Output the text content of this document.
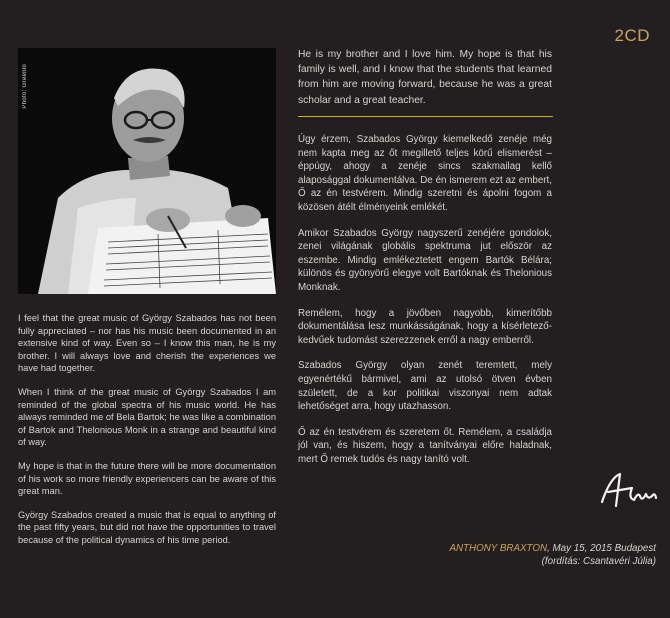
2CD
Photo: Greenlo

I feel that the great music of György Szabados has not been fully appreciated – nor has his music been documented in an extensive kind of way. Even so – I know this man, he is my brother. I will always love and cherish the experiences we have had together.

When I think of the great music of György Szabados I am reminded of the global spectra of his music world. He has always reminded me of Bela Bartok; he was like a combination of Bartok and Thelonious Monk in a strange and beautiful kind of way.

My hope is that in the future there will be more documentation of his work so more friendly experiencers can be aware of this great man.

György Szabados created a music that is equal to anything of the past fifty years, but did not have the opportunities to travel because of the political dynamics of his time period.

He is my brother and I love him. My hope is that his family is well, and I know that the students that learned from him are moving forward, because he was a great scholar and a great teacher.

Úgy érzem, Szabados György kiemelkedő zenéje még nem kapta meg az őt megillető teljes körű elismerést – éppúgy, ahogy a zenéje sincs szakmailag kellő alaposággal dokumentálva. De én ismerem ezt az embert, Ő az én testvérem. Mindig szeretni és ápolni fogom a közösen átélt élményeink emlékét.

Amikor Szabados György nagyszerű zenéjére gondolok, zenei világának globális spektruma jut először az eszembe. Mindig emlékeztetett engem Bartók Bélára; különös és gyönyörű elegye volt Bartóknak és Thelonious Monknak.

Remélem, hogy a jövőben nagyobb, kimerítőbb dokumentálása lesz munkásságának, hogy a kísérletező-kedvűek tudomást szerezzenek erről a nagy emberről.

Szabados György olyan zenét teremtett, mely egyenértékű bármivel, ami az utolsó ötven évben született, de a kor politikai viszonyai nem adtak lehetőséget arra, hogy utazhasson.

Ő az én testvérem és szeretem őt. Remélem, a családja jól van, és hiszem, hogy a tanítványai előre haladnak, mert Ő remek tudós és nagy tanító volt.

ANTHONY BRAXTON, May 15, 2015 Budapest
(fordítás: Csantavéri Júlia)
